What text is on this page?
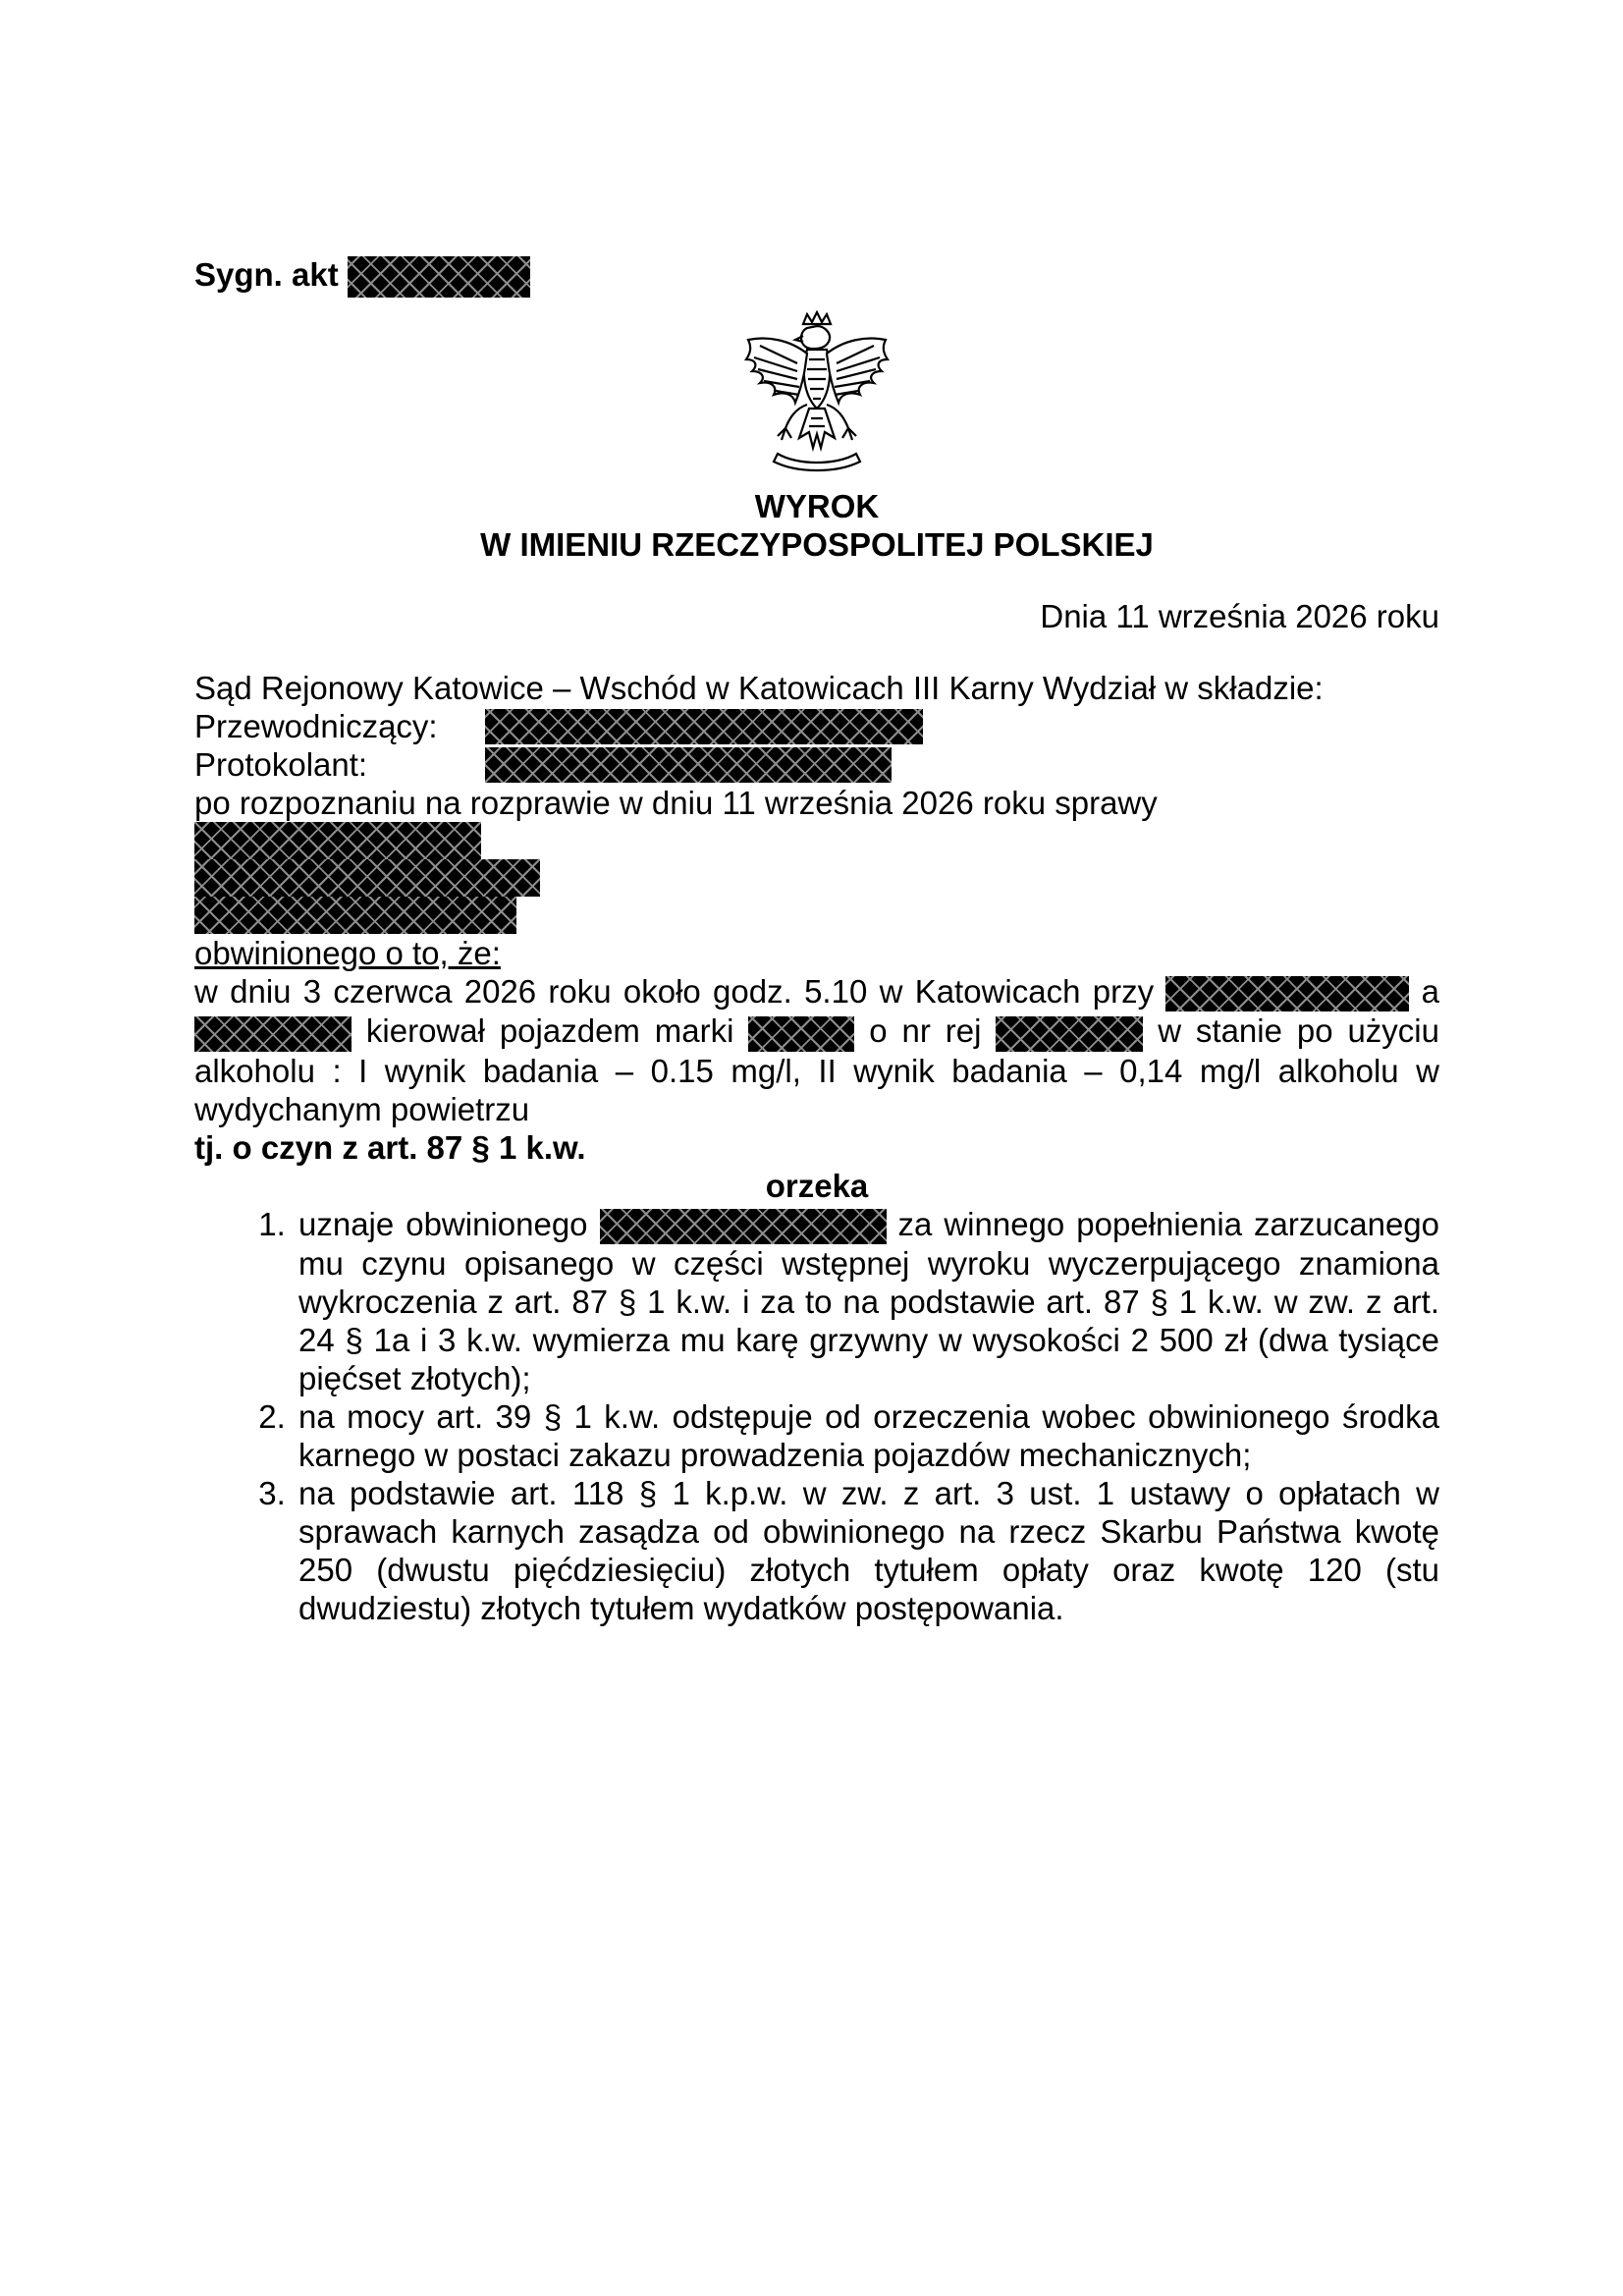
Sygn. akt
WYROK
W IMIENIU RZECZYPOSPOLITEJ POLSKIEJ
Dnia 11 września 2026 roku
Sąd Rejonowy Katowice – Wschód w Katowicach III Karny Wydział w składzie:
Przewodniczący:
Protokolant:
po rozpoznaniu na rozprawie w dniu 11 września 2026 roku sprawy
obwinionego o to, że:
w dniu 3 czerwca 2026 roku około godz. 5.10 w Katowicach przy	a  kierował pojazdem marki	o nr rej	w stanie po użyciu
alkoholu : I wynik badania – 0.15 mg/l, II wynik badania – 0,14 mg/l alkoholu w wydychanym powietrzu
tj. o czyn z art. 87 § 1 k.w.
orzeka
1. uznaje obwinionego	za winnego popełnienia zarzucanego mu czynu opisanego w części wstępnej wyroku wyczerpującego znamiona wykroczenia z art. 87 § 1 k.w. i za to na podstawie art. 87 § 1 k.w. w zw. z art. 24 § 1a i 3 k.w. wymierza mu karę grzywny w wysokości 2 500 zł (dwa tysiące pięćset złotych);
2. na mocy art. 39 § 1 k.w. odstępuje od orzeczenia wobec obwinionego środka karnego w postaci zakazu prowadzenia pojazdów mechanicznych;
3. na podstawie art. 118 § 1 k.p.w. w zw. z art. 3 ust. 1 ustawy o opłatach w sprawach karnych zasądza od obwinionego na rzecz Skarbu Państwa kwotę 250 (dwustu pięćdziesięciu) złotych tytułem opłaty oraz kwotę 120 (stu dwudziestu) złotych tytułem wydatków postępowania.
